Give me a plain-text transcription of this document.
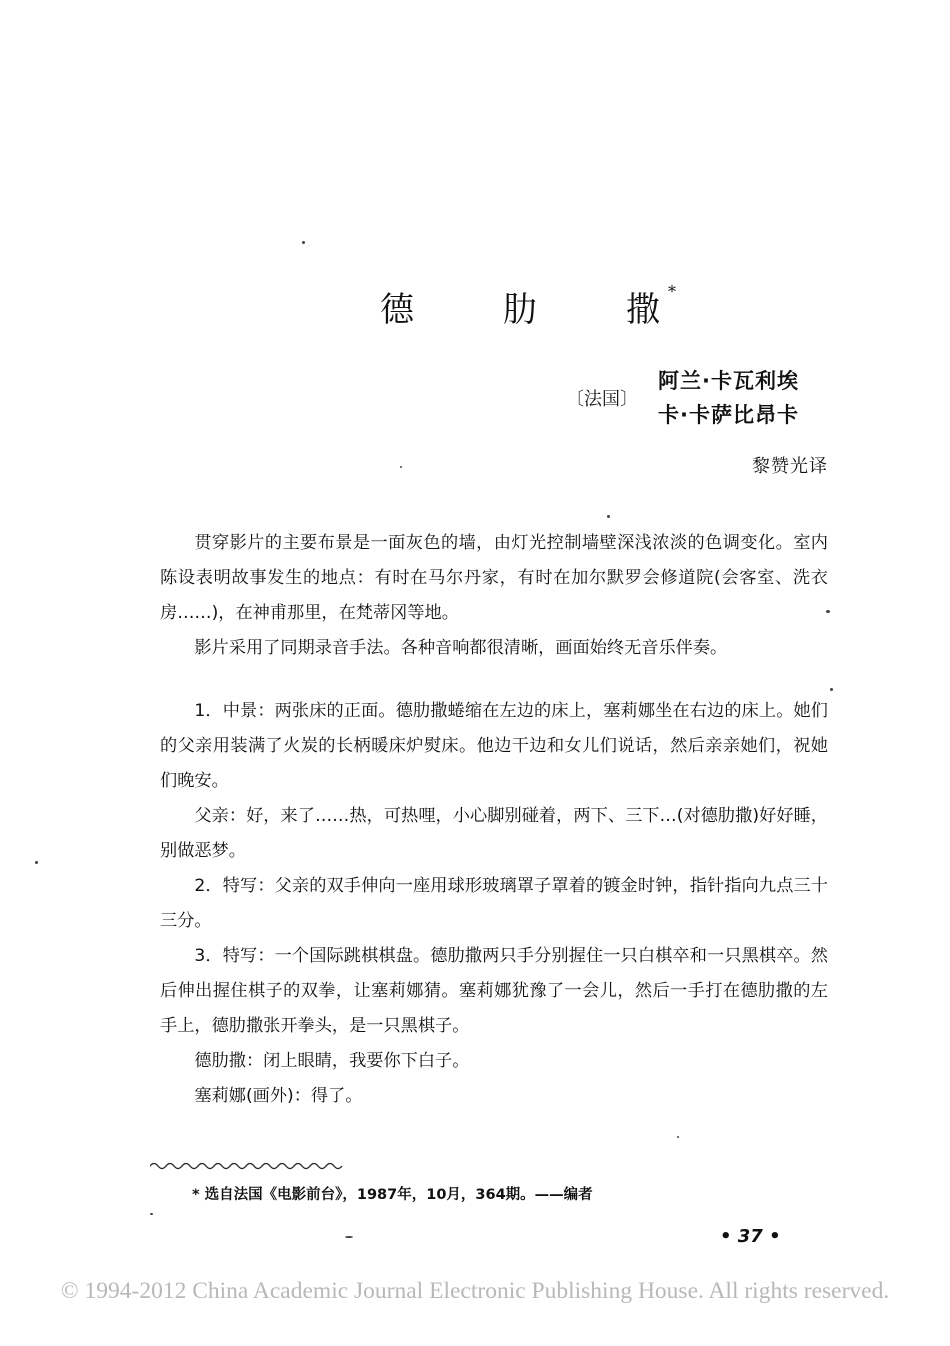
德	肋	撒 *
〔法国〕
阿兰·卡瓦利埃
卡·卡萨比昂卡
黎赞光译

贯穿影片的主要布景是一面灰色的墙，由灯光控制墙壁深浅浓淡的色调变化。室内陈设表明故事发生的地点：有时在马尔丹家，有时在加尔默罗会修道院(会客室、洗衣房……)，在神甫那里，在梵蒂冈等地。

影片采用了同期录音手法。各种音响都很清晰，画面始终无音乐伴奏。

1．中景：两张床的正面。德肋撒蜷缩在左边的床上，塞莉娜坐在右边的床上。她们的父亲用装满了火炭的长柄暖床炉熨床。他边干边和女儿们说话，然后亲亲她们，祝她们晚安。

父亲：好，来了……热，可热哩，小心脚别碰着，两下、三下…(对德肋撒)好好睡，别做恶梦。

2．特写：父亲的双手伸向一座用球形玻璃罩子罩着的镀金时钟，指针指向九点三十三分。

3．特写：一个国际跳棋棋盘。德肋撒两只手分别握住一只白棋卒和一只黑棋卒。然后伸出握住棋子的双拳，让塞莉娜猜。塞莉娜犹豫了一会儿，然后一手打在德肋撒的左手上，德肋撒张开拳头，是一只黑棋子。

德肋撒：闭上眼睛，我要你下白子。

塞莉娜(画外)：得了。

* 选自法国《电影前台》，1987年，10月，364期。——编者
• 37 •
© 1994-2012 China Academic Journal Electronic Publishing House. All rights reserved.
